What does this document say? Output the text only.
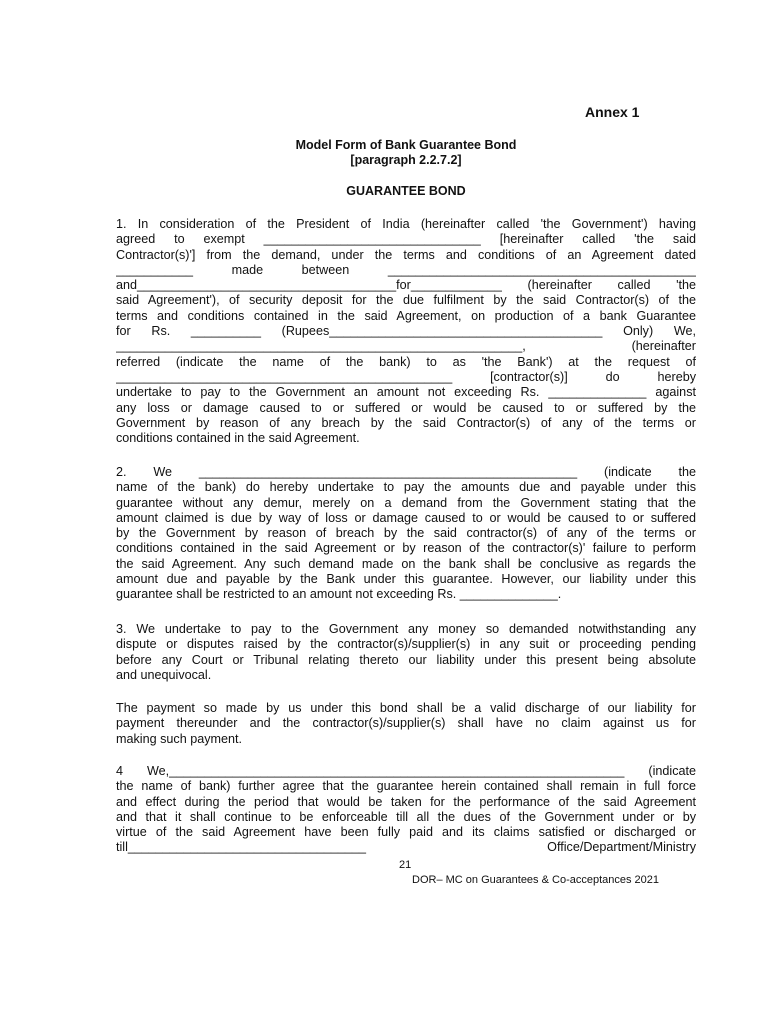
Annex 1
Model Form of Bank Guarantee Bond
[paragraph 2.2.7.2]
GUARANTEE BOND
1. In consideration of the President of India (hereinafter called 'the Government') having
agreed to exempt _______________________________ [hereinafter called 'the said
Contractor(s)'] from the demand, under the terms and conditions of an Agreement dated
___________ made between ____________________________________________
and_____________________________________for_____________ (hereinafter called 'the
said Agreement'), of security deposit for the due fulfilment by the said Contractor(s) of the
terms and conditions contained in the said Agreement, on production of a bank Guarantee
for Rs. __________ (Rupees_______________________________________ Only) We,
__________________________________________________________, (hereinafter
referred (indicate the name of the bank) to as 'the Bank') at the request of
________________________________________________ [contractor(s)] do hereby
undertake to pay to the Government an amount not exceeding Rs. ______________ against
any loss or damage caused to or suffered or would be caused to or suffered by the
Government by reason of any breach by the said Contractor(s) of any of the terms or
conditions contained in the said Agreement.
2. We ______________________________________________________ (indicate the
name of the bank) do hereby undertake to pay the amounts due and payable under this
guarantee without any demur, merely on a demand from the Government stating that the
amount claimed is due by way of loss or damage caused to or would be caused to or suffered
by the Government by reason of breach by the said contractor(s) of any of the terms or
conditions contained in the said Agreement or by reason of the contractor(s)' failure to perform
the said Agreement. Any such demand made on the bank shall be conclusive as regards the
amount due and payable by the Bank under this guarantee. However, our liability under this
guarantee shall be restricted to an amount not exceeding Rs. ______________.
3. We undertake to pay to the Government any money so demanded notwithstanding any
dispute or disputes raised by the contractor(s)/supplier(s) in any suit or proceeding pending
before any Court or Tribunal relating thereto our liability under this present being absolute
and unequivocal.
The payment so made by us under this bond shall be a valid discharge of our liability for
payment thereunder and the contractor(s)/supplier(s) shall have no claim against us for
making such payment.
4 We,_________________________________________________________________ (indicate
the name of bank) further agree that the guarantee herein contained shall remain in full force
and effect during the period that would be taken for the performance of the said Agreement
and that it shall continue to be enforceable till all the dues of the Government under or by
virtue of the said Agreement have been fully paid and its claims satisfied or discharged or
till__________________________________ Office/Department/Ministry
21
DOR– MC on Guarantees & Co-acceptances 2021
